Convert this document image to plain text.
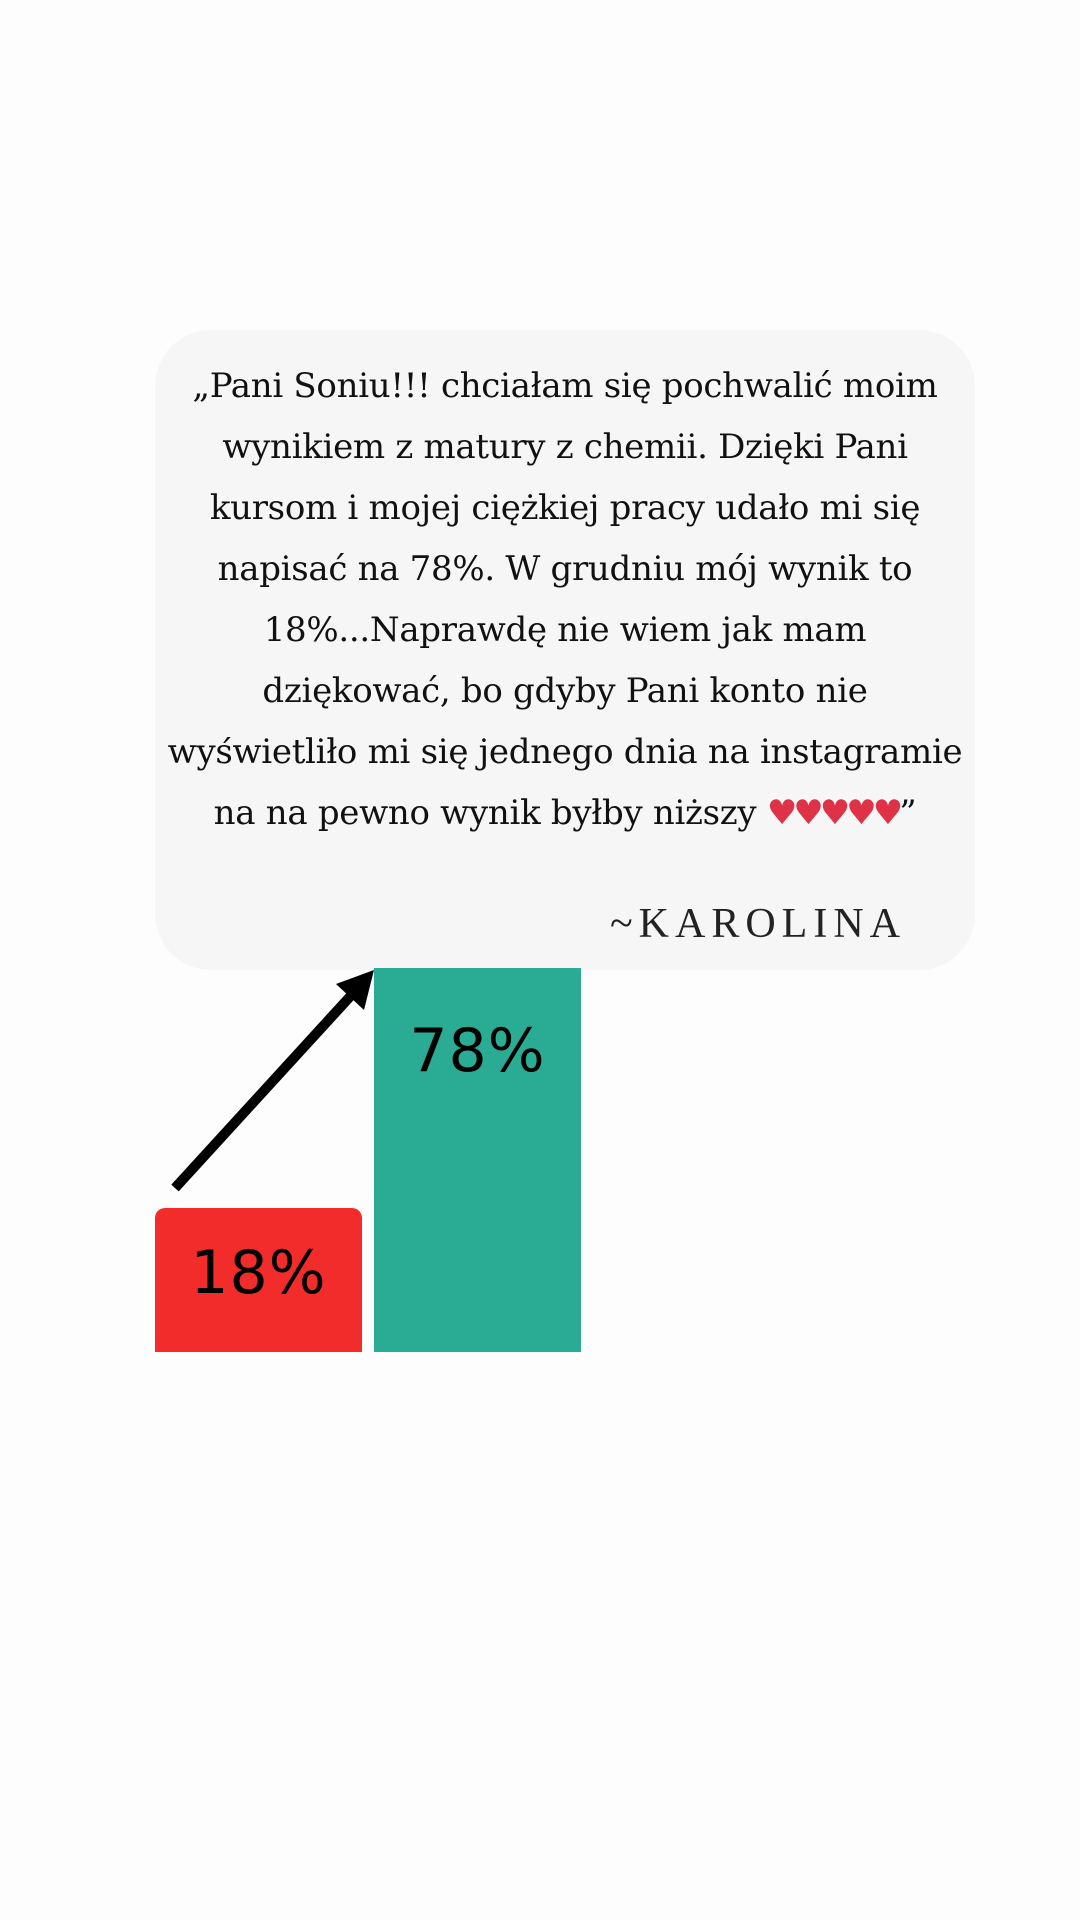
„Pani Soniu!!! chciałam się pochwalić moim wynikiem z matury z chemii. Dzięki Pani kursom i mojej ciężkiej pracy udało mi się napisać na 78%. W grudniu mój wynik to 18%...Naprawdę nie wiem jak mam dziękować, bo gdyby Pani konto nie wyświetliło mi się jednego dnia na instagramie na na pewno wynik byłby niższy ♥♥♥♥♥”
~KAROLINA
18%
78%
